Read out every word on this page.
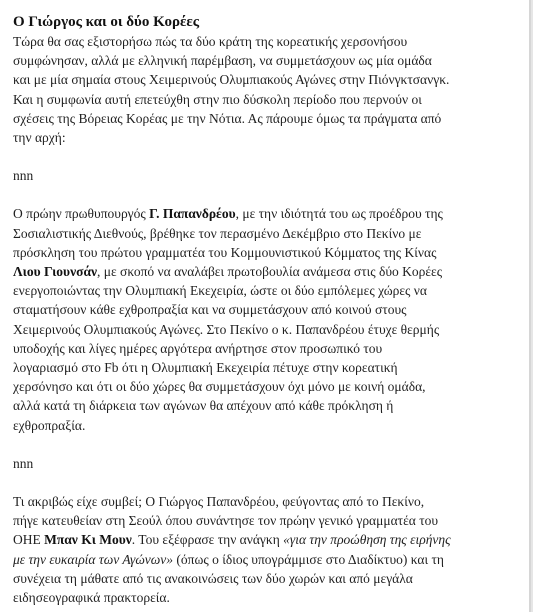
Ο Γιώργος και οι δύο Κορέες

Τώρα θα σας εξιστορήσω πώς τα δύο κράτη της κορεατικής χερσονήσου
συμφώνησαν, αλλά με ελληνική παρέμβαση, να συμμετάσχουν ως μία ομάδα
και με μία σημαία στους Χειμερινούς Ολυμπιακούς Αγώνες στην Πιόνγκτσανγκ.
Και η συμφωνία αυτή επετεύχθη στην πιο δύσκολη περίοδο που περνούν οι
σχέσεις της Βόρειας Κορέας με την Νότια. Ας πάρουμε όμως τα πράγματα από
την αρχή:

nnn

Ο πρώην πρωθυπουργός Γ. Παπανδρέου, με την ιδιότητά του ως προέδρου της
Σοσιαλιστικής Διεθνούς, βρέθηκε τον περασμένο Δεκέμβριο στο Πεκίνο με
πρόσκληση του πρώτου γραμματέα του Κομμουνιστικού Κόμματος της Κίνας
Λιου Γιουνσάν, με σκοπό να αναλάβει πρωτοβουλία ανάμεσα στις δύο Κορέες
ενεργοποιώντας την Ολυμπιακή Εκεχειρία, ώστε οι δύο εμπόλεμες χώρες να
σταματήσουν κάθε εχθροπραξία και να συμμετάσχουν από κοινού στους
Χειμερινούς Ολυμπιακούς Αγώνες. Στο Πεκίνο ο κ. Παπανδρέου έτυχε θερμής
υποδοχής και λίγες ημέρες αργότερα ανήρτησε στον προσωπικό του
λογαριασμό στο Fb ότι η Ολυμπιακή Εκεχειρία πέτυχε στην κορεατική
χερσόνησο και ότι οι δύο χώρες θα συμμετάσχουν όχι μόνο με κοινή ομάδα,
αλλά κατά τη διάρκεια των αγώνων θα απέχουν από κάθε πρόκληση ή
εχθροπραξία.

nnn

Τι ακριβώς είχε συμβεί; Ο Γιώργος Παπανδρέου, φεύγοντας από το Πεκίνο,
πήγε κατευθείαν στη Σεούλ όπου συνάντησε τον πρώην γενικό γραμματέα του
ΟΗΕ Μπαν Κι Μουν. Του εξέφρασε την ανάγκη «για την προώθηση της ειρήνης
με την ευκαιρία των Αγώνων» (όπως ο ίδιος υπογράμμισε στο Διαδίκτυο) και τη
συνέχεια τη μάθατε από τις ανακοινώσεις των δύο χωρών και από μεγάλα
ειδησεογραφικά πρακτορεία.
